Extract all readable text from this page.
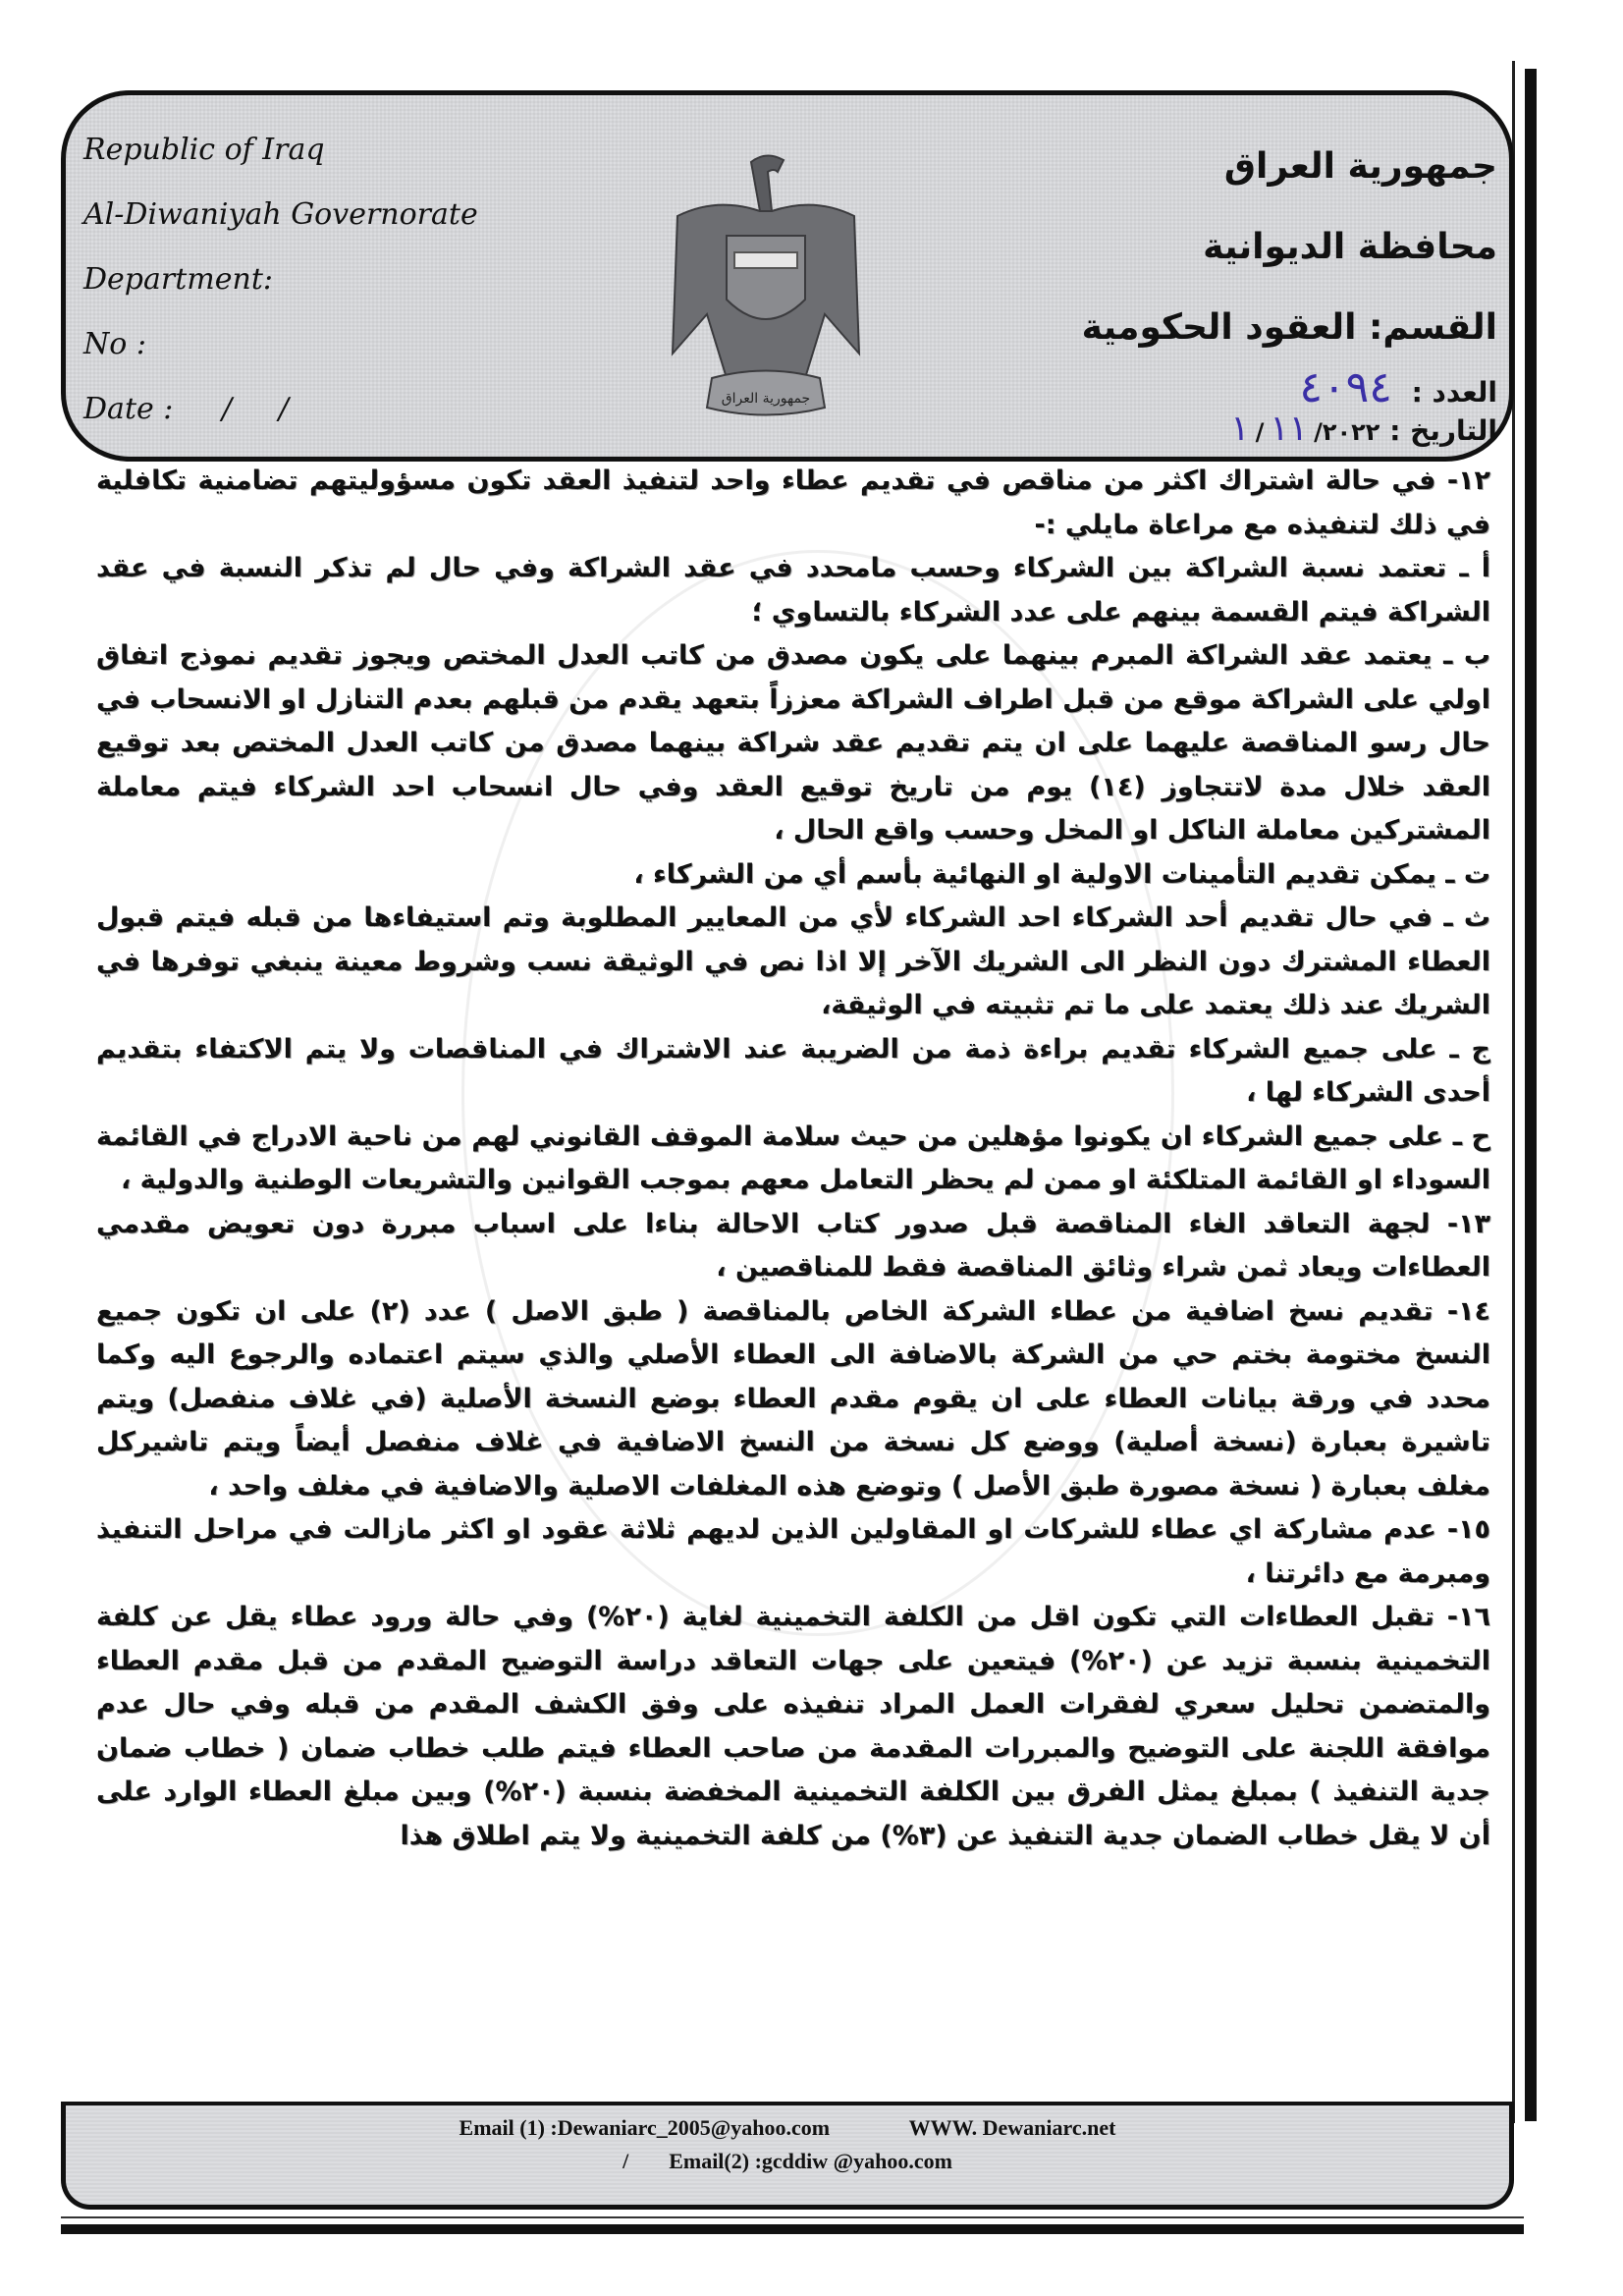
Republic of Iraq
Al-Diwaniyah Governorate
Department:
No :
Date : /     /	جمهورية العراق
جمهورية العراق
محافظة الديوانية
القسم: العقود الحكومية
العدد : ٤٠٩٤
التاريخ : ١ / ١١ /٢٠٢٢

١٢- في حالة اشتراك اكثر من مناقص في تقديم عطاء واحد لتنفيذ العقد تكون مسؤوليتهم تضامنية تكافلية في ذلك لتنفيذه مع مراعاة مايلي :-

أ ـ تعتمد نسبة الشراكة بين الشركاء وحسب مامحدد في عقد الشراكة وفي حال لم تذكر النسبة في عقد الشراكة فيتم القسمة بينهم على عدد الشركاء بالتساوي ؛

ب ـ يعتمد عقد الشراكة المبرم بينهما على يكون مصدق من كاتب العدل المختص ويجوز تقديم نموذج اتفاق اولي على الشراكة موقع من قبل اطراف الشراكة معززاً بتعهد يقدم من قبلهم بعدم التنازل او الانسحاب في حال رسو المناقصة عليهما على ان يتم تقديم عقد شراكة بينهما مصدق من كاتب العدل المختص بعد توقيع العقد خلال مدة لاتتجاوز (١٤) يوم من تاريخ توقيع العقد وفي حال انسحاب احد الشركاء فيتم معاملة المشتركين معاملة الناكل او المخل وحسب واقع الحال ،

ت ـ يمكن تقديم التأمينات الاولية او النهائية بأسم أي من الشركاء ،

ث ـ في حال تقديم أحد الشركاء احد الشركاء لأي من المعايير المطلوبة وتم استيفاءها من قبله فيتم قبول العطاء المشترك دون النظر الى الشريك الآخر إلا اذا نص في الوثيقة نسب وشروط معينة ينبغي توفرها في الشريك عند ذلك يعتمد على ما تم تثبيته في الوثيقة،

ج ـ على جميع الشركاء تقديم براءة ذمة من الضريبة عند الاشتراك في المناقصات ولا يتم الاكتفاء بتقديم أحدى الشركاء لها ،

ح ـ على جميع الشركاء ان يكونوا مؤهلين من حيث سلامة الموقف القانوني لهم من ناحية الادراج في القائمة السوداء او القائمة المتلكئة او ممن لم يحظر التعامل معهم بموجب القوانين والتشريعات الوطنية والدولية ،

١٣- لجهة التعاقد الغاء المناقصة قبل صدور كتاب الاحالة بناءا على اسباب مبررة دون تعويض مقدمي العطاءات ويعاد ثمن شراء وثائق المناقصة فقط للمناقصين ،

١٤- تقديم نسخ اضافية من عطاء الشركة الخاص بالمناقصة ( طبق الاصل ) عدد (٢) على ان تكون جميع النسخ مختومة بختم حي من الشركة بالاضافة الى العطاء الأصلي والذي سيتم اعتماده والرجوع اليه وكما محدد في ورقة بيانات العطاء على ان يقوم مقدم العطاء بوضع النسخة الأصلية (في غلاف منفصل) ويتم تاشيرة بعبارة (نسخة أصلية) ووضع كل نسخة من النسخ الاضافية في غلاف منفصل أيضاً ويتم تاشيركل مغلف بعبارة ( نسخة مصورة طبق الأصل ) وتوضع هذه المغلفات الاصلية والاضافية في مغلف واحد ،

١٥- عدم مشاركة اي عطاء للشركات او المقاولين الذين لديهم ثلاثة عقود او اكثر مازالت في مراحل التنفيذ ومبرمة مع دائرتنا ،

١٦- تقبل العطاءات التي تكون اقل من الكلفة التخمينية لغاية (٢٠%) وفي حالة ورود عطاء يقل عن كلفة التخمينية بنسبة تزيد عن (٢٠%) فيتعين على جهات التعاقد دراسة التوضيح المقدم من قبل مقدم العطاء والمتضمن تحليل سعري لفقرات العمل المراد تنفيذه على وفق الكشف المقدم من قبله وفي حال عدم موافقة اللجنة على التوضيح والمبررات المقدمة من صاحب العطاء فيتم طلب خطاب ضمان ( خطاب ضمان جدية التنفيذ ) بمبلغ يمثل الفرق بين الكلفة التخمينية المخفضة بنسبة (٢٠%) وبين مبلغ العطاء الوارد على أن لا يقل خطاب الضمان جدية التنفيذ عن (٣%) من كلفة التخمينية ولا يتم اطلاق هذا

Email (1) :Dewaniarc_2005@yahoo.com	WWW. Dewaniarc.net
/ Email(2) :gcddiw @yahoo.com
